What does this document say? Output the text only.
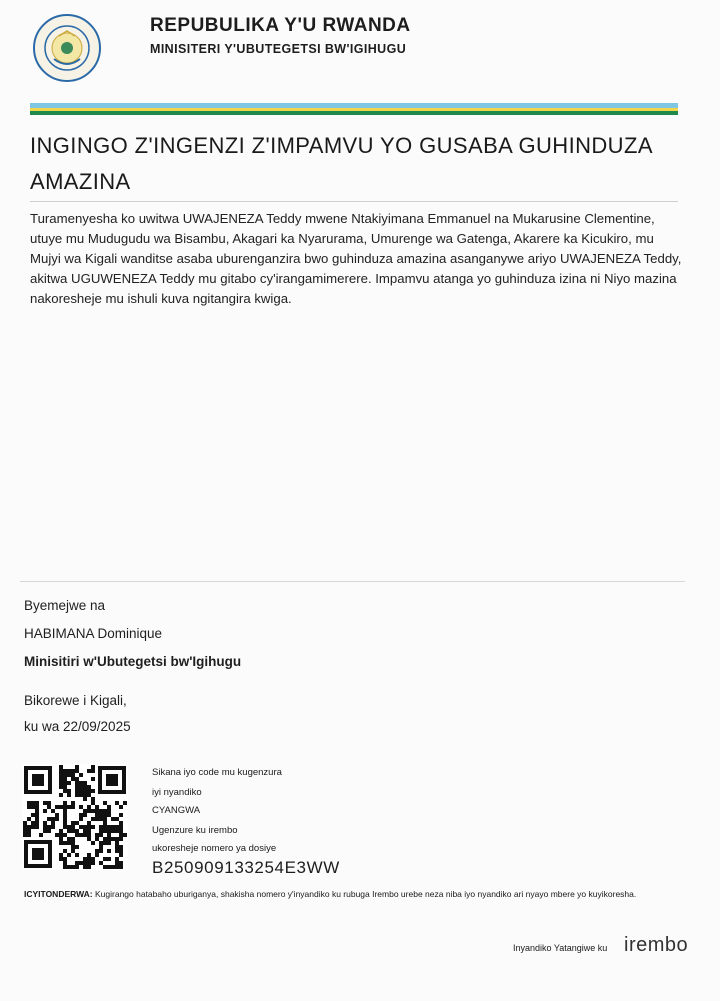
REPUBULIKA Y'U RWANDA
MINISITERI Y'UBUTEGETSI BW'IGIHUGU
INGINGO Z'INGENZI Z'IMPAMVU YO GUSABA GUHINDUZA AMAZINA
Turamenyesha ko uwitwa UWAJENEZA Teddy mwene Ntakiyimana Emmanuel na Mukarusine Clementine, utuye mu Mudugudu wa Bisambu, Akagari ka Nyarurama, Umurenge wa Gatenga, Akarere ka Kicukiro, mu Mujyi wa Kigali wanditse asaba uburenganzira bwo guhinduza amazina asanganywe ariyo UWAJENEZA Teddy, akitwa UGUWENEZA Teddy mu gitabo cy'irangamimerere. Impamvu atanga yo guhinduza izina ni Niyo mazina nakoresheje mu ishuli kuva ngitangira kwiga.
Byemejwe na
HABIMANA Dominique
Minisitiri w'Ubutegetsi bw'Igihugu
Bikorewe i Kigali,
ku wa 22/09/2025
Sikana iyo code mu kugenzura
iyi nyandiko
CYANGWA
Ugenzure ku irembo
ukoresheje nomero ya dosiye
B250909133254E3WW
ICYITONDERWA: Kugirango hatabaho uburiganya, shakisha nomero y'inyandiko ku rubuga Irembo urebe neza niba iyo nyandiko ari nyayo mbere yo kuyikoresha.
Inyandiko Yatangiwe ku irembo
